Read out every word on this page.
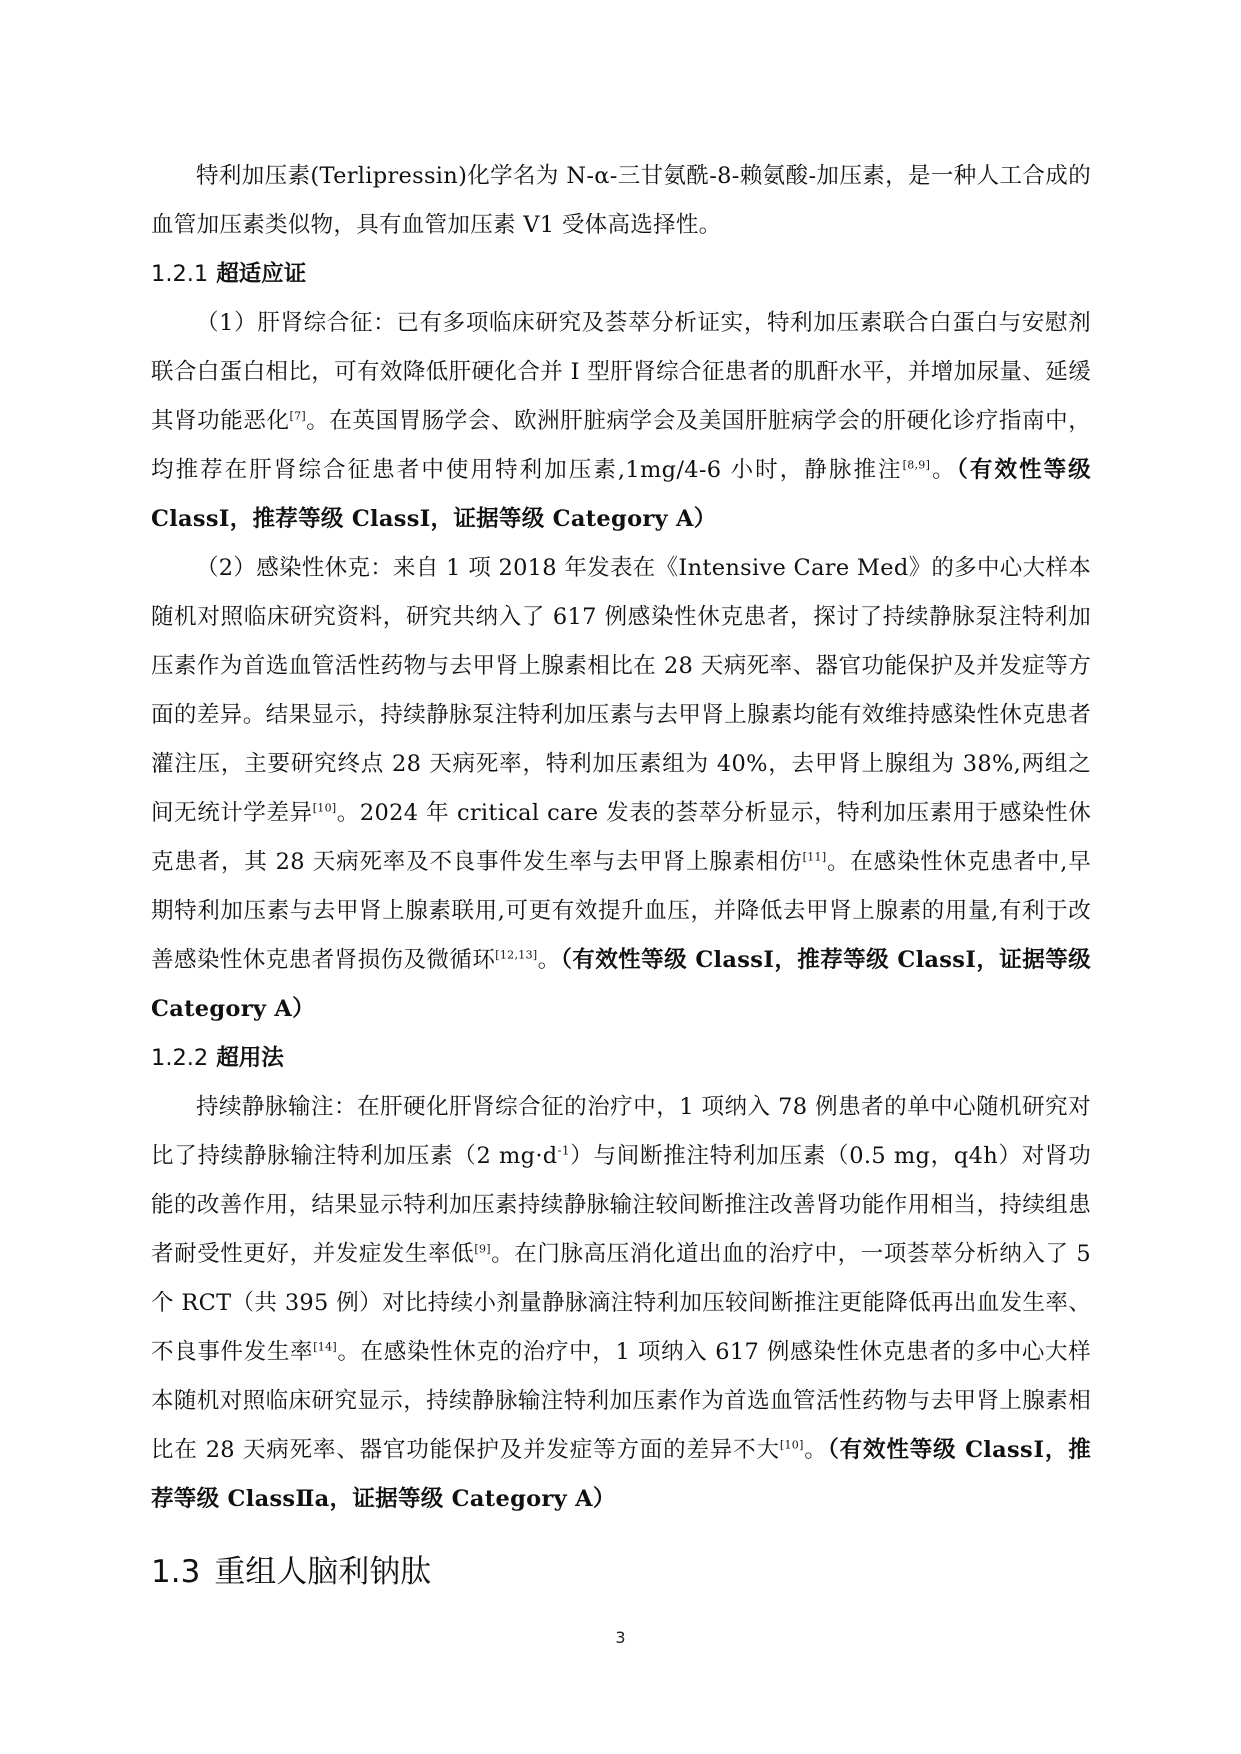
特利加压素(Terlipressin)化学名为 N-α-三甘氨酰-8-赖氨酸-加压素，是一种人工合成的血管加压素类似物，具有血管加压素 V1 受体高选择性。

1.2.1 超适应证

（1）肝肾综合征：已有多项临床研究及荟萃分析证实，特利加压素联合白蛋白与安慰剂联合白蛋白相比，可有效降低肝硬化合并 I 型肝肾综合征患者的肌酐水平，并增加尿量、延缓其肾功能恶化[7]。在英国胃肠学会、欧洲肝脏病学会及美国肝脏病学会的肝硬化诊疗指南中，均推荐在肝肾综合征患者中使用特利加压素,1mg/4-6 小时，静脉推注[8,9]。（有效性等级 ClassⅠ，推荐等级 ClassⅠ，证据等级 Category A）

（2）感染性休克：来自 1 项 2018 年发表在《Intensive Care Med》的多中心大样本随机对照临床研究资料，研究共纳入了 617 例感染性休克患者，探讨了持续静脉泵注特利加压素作为首选血管活性药物与去甲肾上腺素相比在 28 天病死率、器官功能保护及并发症等方面的差异。结果显示，持续静脉泵注特利加压素与去甲肾上腺素均能有效维持感染性休克患者灌注压，主要研究终点 28 天病死率，特利加压素组为 40%，去甲肾上腺组为 38%,两组之间无统计学差异[10]。2024 年 critical care 发表的荟萃分析显示，特利加压素用于感染性休克患者，其 28 天病死率及不良事件发生率与去甲肾上腺素相仿[11]。在感染性休克患者中,早期特利加压素与去甲肾上腺素联用,可更有效提升血压，并降低去甲肾上腺素的用量,有利于改善感染性休克患者肾损伤及微循环[12,13]。（有效性等级 ClassⅠ，推荐等级 ClassⅠ，证据等级 Category A）

1.2.2 超用法

持续静脉输注：在肝硬化肝肾综合征的治疗中，1 项纳入 78 例患者的单中心随机研究对比了持续静脉输注特利加压素（2 $mg\cdot d^{-1}$）与间断推注特利加压素（0.5 mg，q4h）对肾功能的改善作用，结果显示特利加压素持续静脉输注较间断推注改善肾功能作用相当，持续组患者耐受性更好，并发症发生率低[9]。在门脉高压消化道出血的治疗中，一项荟萃分析纳入了 5 个 RCT（共 395 例）对比持续小剂量静脉滴注特利加压较间断推注更能降低再出血发生率、不良事件发生率[14]。在感染性休克的治疗中，1 项纳入 617 例感染性休克患者的多中心大样本随机对照临床研究显示，持续静脉输注特利加压素作为首选血管活性药物与去甲肾上腺素相比在 28 天病死率、器官功能保护及并发症等方面的差异不大[10]。（有效性等级 ClassⅠ，推荐等级 ClassⅡa，证据等级 Category A）

1.3 重组人脑利钠肽
3
